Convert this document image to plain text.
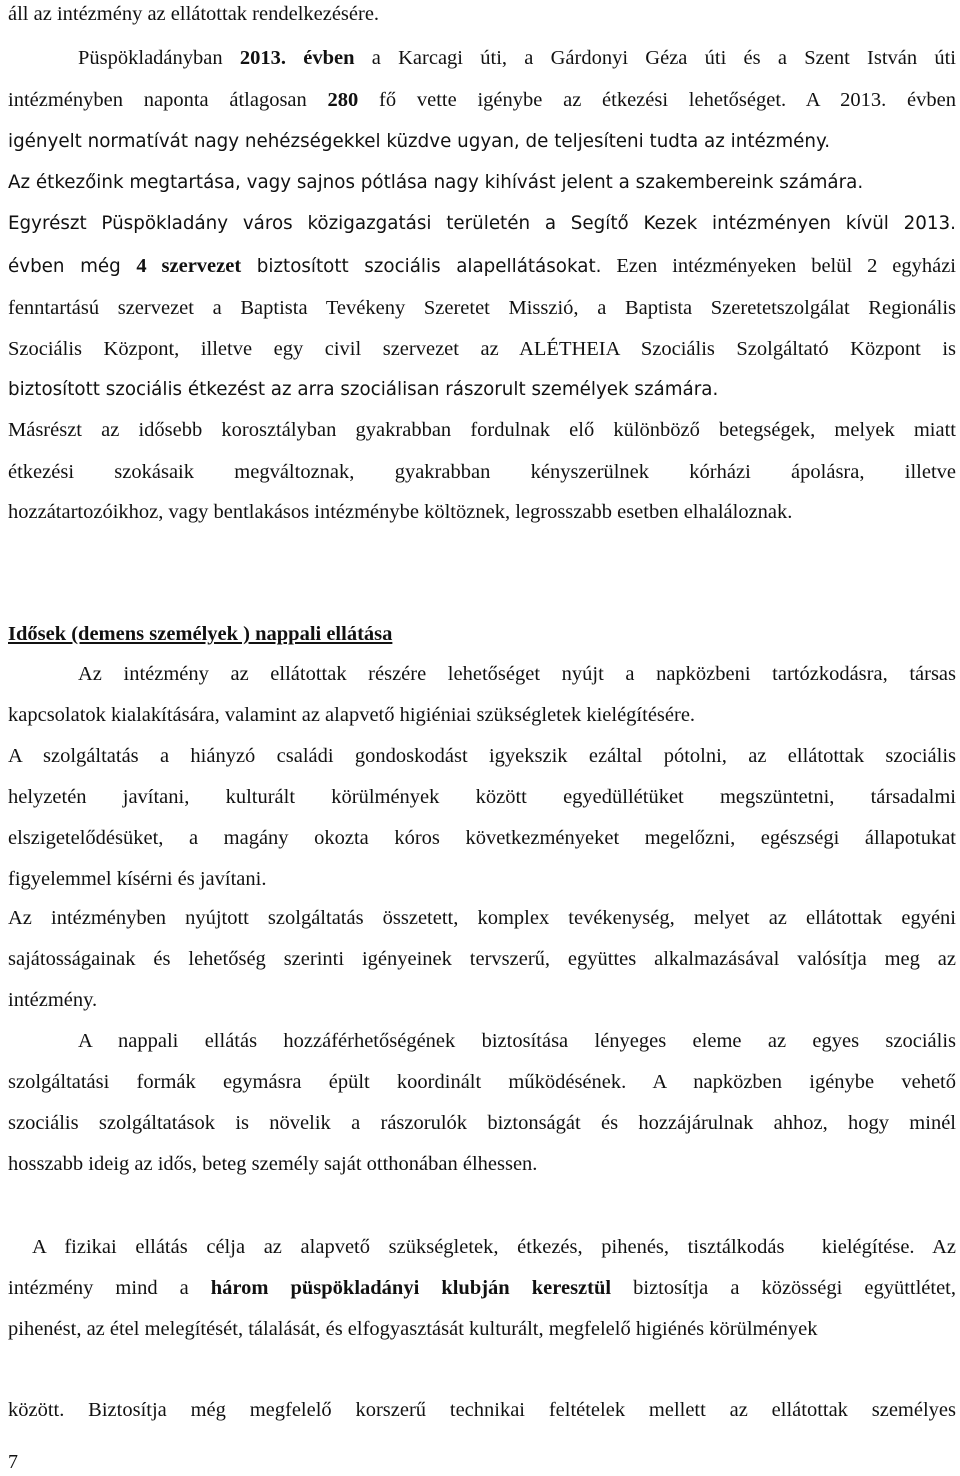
áll az intézmény az ellátottak rendelkezésére.

Püspökladányban 2013. évben a Karcagi úti, a Gárdonyi Géza úti és a Szent István úti

intézményben naponta átlagosan 280 fő vette igénybe az étkezési lehetőséget. A 2013. évben

igényelt normatívát nagy nehézségekkel küzdve ugyan, de teljesíteni tudta az intézmény.

Az étkezőink megtartása, vagy sajnos pótlása nagy kihívást jelent a szakembereink számára.

Egyrészt Püspökladány város közigazgatási területén a Segítő Kezek intézményen kívül 2013.

évben még 4 szervezet biztosított szociális alapellátásokat. Ezen intézményeken belül 2 egyházi

fenntartású szervezet a Baptista Tevékeny Szeretet Misszió, a Baptista Szeretetszolgálat Regionális

Szociális Központ, illetve egy civil szervezet az ALÉTHEIA Szociális Szolgáltató Központ is

biztosított szociális étkezést az arra szociálisan rászorult személyek számára.

Másrészt az idősebb korosztályban gyakrabban fordulnak elő különböző betegségek, melyek miatt

étkezési szokásaik megváltoznak, gyakrabban kényszerülnek kórházi ápolásra, illetve

hozzátartozóikhoz, vagy bentlakásos intézménybe költöznek, legrosszabb esetben elhaláloznak.

Idősek (demens személyek ) nappali ellátása

Az intézmény az ellátottak részére lehetőséget nyújt a napközbeni tartózkodásra, társas

kapcsolatok kialakítására, valamint az alapvető higiéniai szükségletek kielégítésére.

A szolgáltatás a hiányzó családi gondoskodást igyekszik ezáltal pótolni, az ellátottak szociális

helyzetén javítani, kulturált körülmények között egyedüllétüket megszüntetni, társadalmi

elszigetelődésüket, a magány okozta kóros következményeket megelőzni, egészségi állapotukat

figyelemmel kísérni és javítani.

Az intézményben nyújtott szolgáltatás összetett, komplex tevékenység, melyet az ellátottak egyéni

sajátosságainak és lehetőség szerinti igényeinek tervszerű, együttes alkalmazásával valósítja meg az

intézmény.

A nappali ellátás hozzáférhetőségének biztosítása lényeges eleme az egyes szociális

szolgáltatási formák egymásra épült koordinált működésének. A napközben igénybe vehető

szociális szolgáltatások is növelik a rászorulók biztonságát és hozzájárulnak ahhoz, hogy minél

hosszabb ideig az idős, beteg személy saját otthonában élhessen.

A fizikai ellátás célja az alapvető szükségletek, étkezés, pihenés, tisztálkodás  kielégítése. Az

intézmény mind a három püspökladányi klubján keresztül biztosítja a közösségi együttlétet,

pihenést, az étel melegítését, tálalását, és elfogyasztását kulturált, megfelelő higiénés körülmények

között. Biztosítja még megfelelő korszerű technikai feltételek mellett az ellátottak személyes

7
